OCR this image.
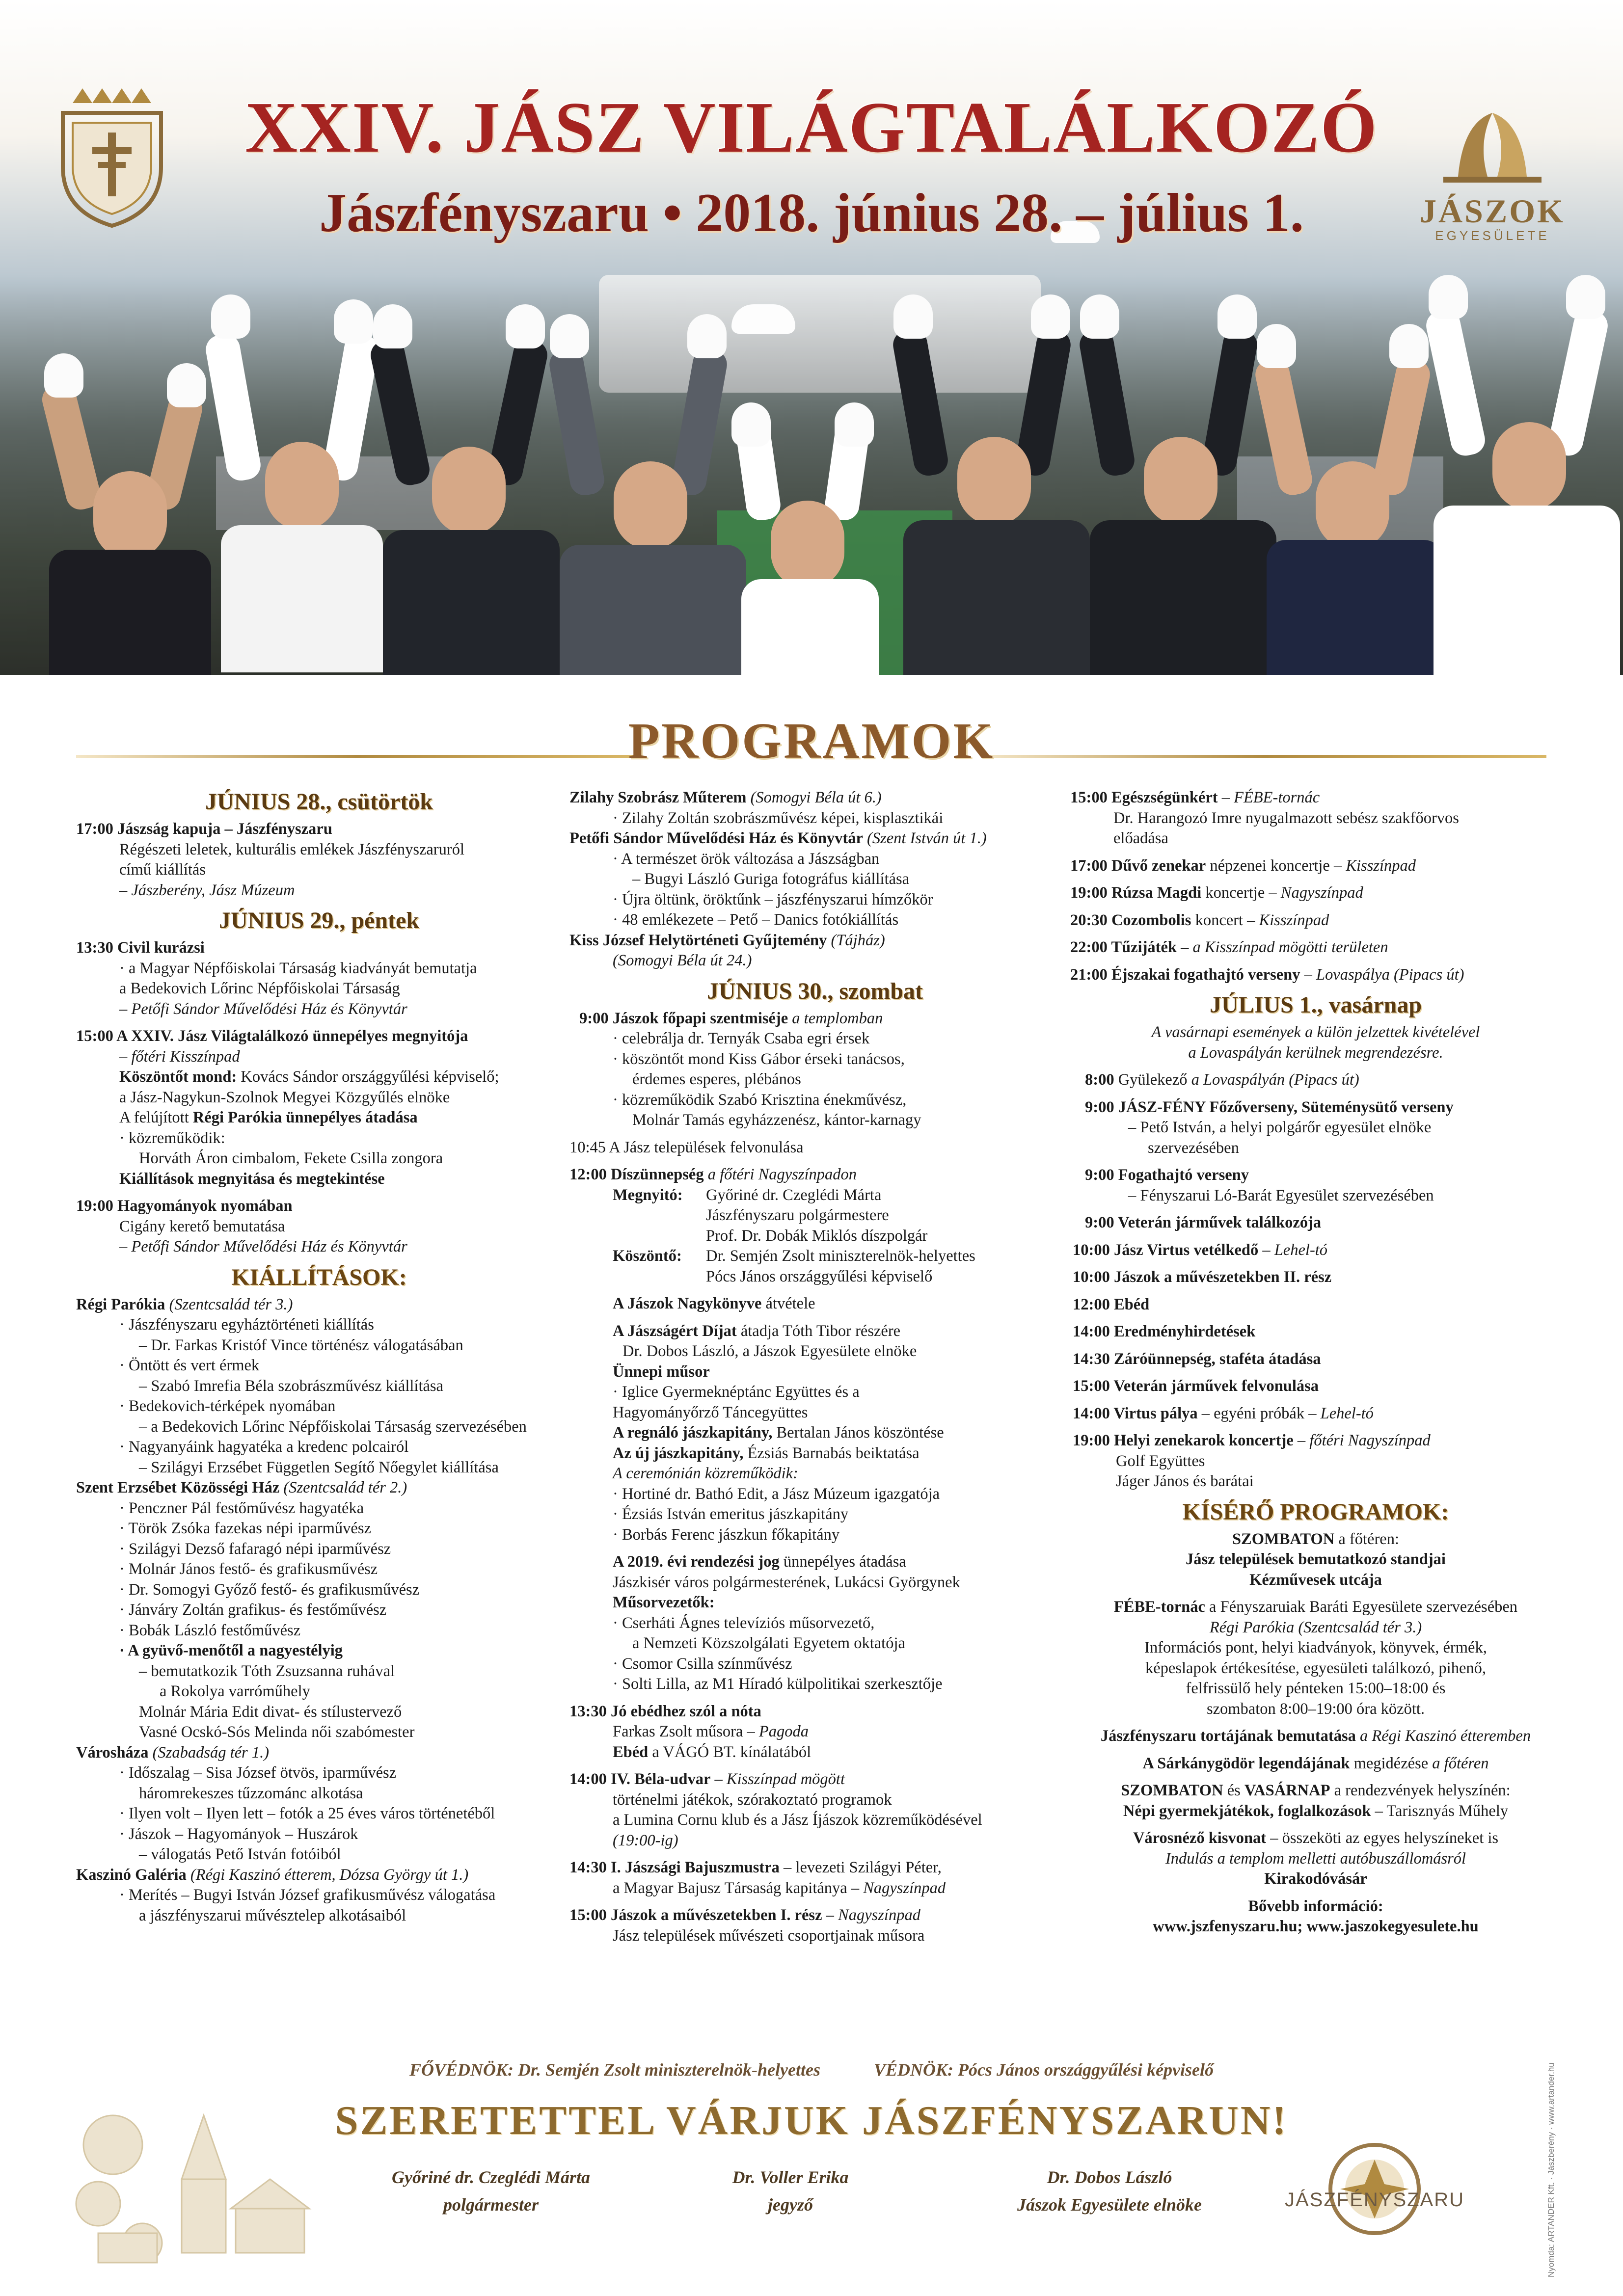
XXIV. JÁSZ VILÁGTALÁLKOZÓ
Jászfényszaru • 2018. június 28. – július 1.	JÁSZOK
EGYESÜLETE
PROGRAMOK
JÚNIUS 28., csütörtök
17:00 Jászság kapuja – Jászfényszaru
Régészeti leletek, kulturális emlékek Jászfényszaruról
című kiállítás
– Jászberény, Jász Múzeum
JÚNIUS 29., péntek
13:30 Civil kurázsi
· a Magyar Népfőiskolai Társaság kiadványát bemutatja
a Bedekovich Lőrinc Népfőiskolai Társaság
– Petőfi Sándor Művelődési Ház és Könyvtár
15:00 A XXIV. Jász Világtalálkozó ünnepélyes megnyitója
– főtéri Kisszínpad
Köszöntőt mond: Kovács Sándor országgyűlési képviselő;
a Jász-Nagykun-Szolnok Megyei Közgyűlés elnöke
A felújított Régi Parókia ünnepélyes átadása
· közreműködik:
Horváth Áron cimbalom, Fekete Csilla zongora
Kiállítások megnyitása és megtekintése
19:00 Hagyományok nyomában
Cigány kerető bemutatása
– Petőfi Sándor Művelődési Ház és Könyvtár
KIÁLLÍTÁSOK:
Régi Parókia (Szentcsalád tér 3.)
· Jászfényszaru egyháztörténeti kiállítás
– Dr. Farkas Kristóf Vince történész válogatásában
· Öntött és vert érmek
– Szabó Imrefia Béla szobrászművész kiállítása
· Bedekovich-térképek nyomában
– a Bedekovich Lőrinc Népfőiskolai Társaság szervezésében
· Nagyanyáink hagyatéka a kredenc polcairól
– Szilágyi Erzsébet Független Segítő Nőegylet kiállítása
Szent Erzsébet Közösségi Ház (Szentcsalád tér 2.)
· Penczner Pál festőművész hagyatéka
· Török Zsóka fazekas népi iparművész
· Szilágyi Dezső fafaragó népi iparművész
· Molnár János festő- és grafikusművész
· Dr. Somogyi Győző festő- és grafikusművész
· Jánváry Zoltán grafikus- és festőművész
· Bobák László festőművész
· A gyüvő-menőtől a nagyestélyig
– bemutatkozik Tóth Zsuzsanna ruhával
a Rokolya varróműhely
Molnár Mária Edit divat- és stílustervező
Vasné Ocskó-Sós Melinda női szabómester
Városháza (Szabadság tér 1.)
· Időszalag – Sisa József ötvös, iparművész
háromrekeszes tűzzománc alkotása
· Ilyen volt – Ilyen lett – fotók a 25 éves város történetéből
· Jászok – Hagyományok – Huszárok
– válogatás Pető István fotóiból
Kaszinó Galéria (Régi Kaszinó étterem, Dózsa György út 1.)
· Merítés – Bugyi István József grafikusművész válogatása
a jászfényszarui művésztelep alkotásaiból
Zilahy Szobrász Műterem (Somogyi Béla út 6.)
· Zilahy Zoltán szobrászművész képei, kisplasztikái
Petőfi Sándor Művelődési Ház és Könyvtár (Szent István út 1.)
· A természet örök változása a Jászságban
– Bugyi László Guriga fotográfus kiállítása
· Újra öltünk, öröktűnk – jászfényszarui hímzőkör
· 48 emlékezete – Pető – Danics fotókiállítás
Kiss József Helytörténeti Gyűjtemény (Tájház)
(Somogyi Béla út 24.)
JÚNIUS 30., szombat
9:00 Jászok főpapi szentmiséje a templomban
· celebrálja dr. Ternyák Csaba egri érsek
· köszöntőt mond Kiss Gábor érseki tanácsos,
érdemes esperes, plébános
· közreműködik Szabó Krisztina énekművész,
Molnár Tamás egyházzenész, kántor-karnagy
10:45 A Jász települések felvonulása
12:00 Díszünnepség a főtéri Nagyszínpadon
Megnyitó:	Győriné dr. Czeglédi Márta
Jászfényszaru polgármestere
Prof. Dr. Dobák Miklós díszpolgár
Köszöntő:	Dr. Semjén Zsolt miniszterelnök-helyettes
Pócs János országgyűlési képviselő
A Jászok Nagykönyve átvétele
A Jászságért Díjat átadja Tóth Tibor részére
Dr. Dobos László, a Jászok Egyesülete elnöke
Ünnepi műsor
· Iglice Gyermeknéptánc Együttes és a
Hagyományőrző Táncegyüttes
A regnáló jászkapitány, Bertalan János köszöntése
Az új jászkapitány, Ézsiás Barnabás beiktatása
A ceremónián közreműködik:
· Hortiné dr. Bathó Edit, a Jász Múzeum igazgatója
· Ézsiás István emeritus jászkapitány
· Borbás Ferenc jászkun főkapitány
A 2019. évi rendezési jog ünnepélyes átadása
Jászkisér város polgármesterének, Lukácsi Györgynek
Műsorvezetők:
· Cserháti Ágnes televíziós műsorvezető,
a Nemzeti Közszolgálati Egyetem oktatója
· Csomor Csilla színművész
· Solti Lilla, az M1 Híradó külpolitikai szerkesztője
13:30 Jó ebédhez szól a nóta
Farkas Zsolt műsora – Pagoda
Ebéd a VÁGÓ BT. kínálatából
14:00 IV. Béla-udvar – Kisszínpad mögött
történelmi játékok, szórakoztató programok
a Lumina Cornu klub és a Jász Íjászok közreműködésével
(19:00-ig)
14:30 I. Jászsági Bajuszmustra – levezeti Szilágyi Péter,
a Magyar Bajusz Társaság kapitánya – Nagyszínpad
15:00 Jászok a művészetekben I. rész – Nagyszínpad
Jász települések művészeti csoportjainak műsora
15:00 Egészségünkért – FÉBE-tornác
Dr. Harangozó Imre nyugalmazott sebész szakfőorvos
előadása
17:00 Dűvő zenekar népzenei koncertje – Kisszínpad
19:00 Rúzsa Magdi koncertje – Nagyszínpad
20:30 Cozombolis koncert – Kisszínpad
22:00 Tűzijáték – a Kisszínpad mögötti területen
21:00 Éjszakai fogathajtó verseny – Lovaspálya (Pipacs út)
JÚLIUS 1., vasárnap
A vasárnapi események a külön jelzettek kivételével
a Lovaspályán kerülnek megrendezésre.
8:00 Gyülekező a Lovaspályán (Pipacs út)
9:00 JÁSZ-FÉNY Főzőverseny, Süteménysütő verseny
– Pető István, a helyi polgárőr egyesület elnöke
szervezésében
9:00 Fogathajtó verseny
– Fényszarui Ló-Barát Egyesület szervezésében
9:00 Veterán járművek találkozója
10:00 Jász Virtus vetélkedő – Lehel-tó
10:00 Jászok a művészetekben II. rész
12:00 Ebéd
14:00 Eredményhirdetések
14:30 Záróünnepség, staféta átadása
15:00 Veterán járművek felvonulása
14:00 Virtus pálya – egyéni próbák – Lehel-tó
19:00 Helyi zenekarok koncertje – főtéri Nagyszínpad
Golf Együttes
Jáger János és barátai
KÍSÉRŐ PROGRAMOK:
SZOMBATON a főtéren:
Jász települések bemutatkozó standjai
Kézművesek utcája
FÉBE-tornác a Fényszaruiak Baráti Egyesülete szervezésében
Régi Parókia (Szentcsalád tér 3.)
Információs pont, helyi kiadványok, könyvek, érmék,
képeslapok értékesítése, egyesületi találkozó, pihenő,
felfrissülő hely pénteken 15:00–18:00 és
szombaton 8:00–19:00 óra között.
Jászfényszaru tortájának bemutatása a Régi Kaszinó étteremben
A Sárkánygödör legendájának megidézése a főtéren
SZOMBATON és VASÁRNAP a rendezvények helyszínén:
Népi gyermekjátékok, foglalkozások – Tarisznyás Műhely
Városnéző kisvonat – összeköti az egyes helyszíneket is
Indulás a templom melletti autóbuszállomásról
Kirakodóvásár
Bővebb információ:
www.jszfenyszaru.hu; www.jaszokegyesulete.hu
FŐVÉDNÖK: Dr. Semjén Zsolt miniszterelnök-helyettes	VÉDNÖK: Pócs János országgyűlési képviselő
SZERETETTEL VÁRJUK JÁSZFÉNYSZARUN!
Győriné dr. Czeglédi Márta
polgármester
Dr. Voller Erika
jegyző
Dr. Dobos László
Jászok Egyesülete elnöke	JÁSZFÉNYSZARU	Nyomda: ARTANDER Kft. · Jászberény · www.artander.hu
